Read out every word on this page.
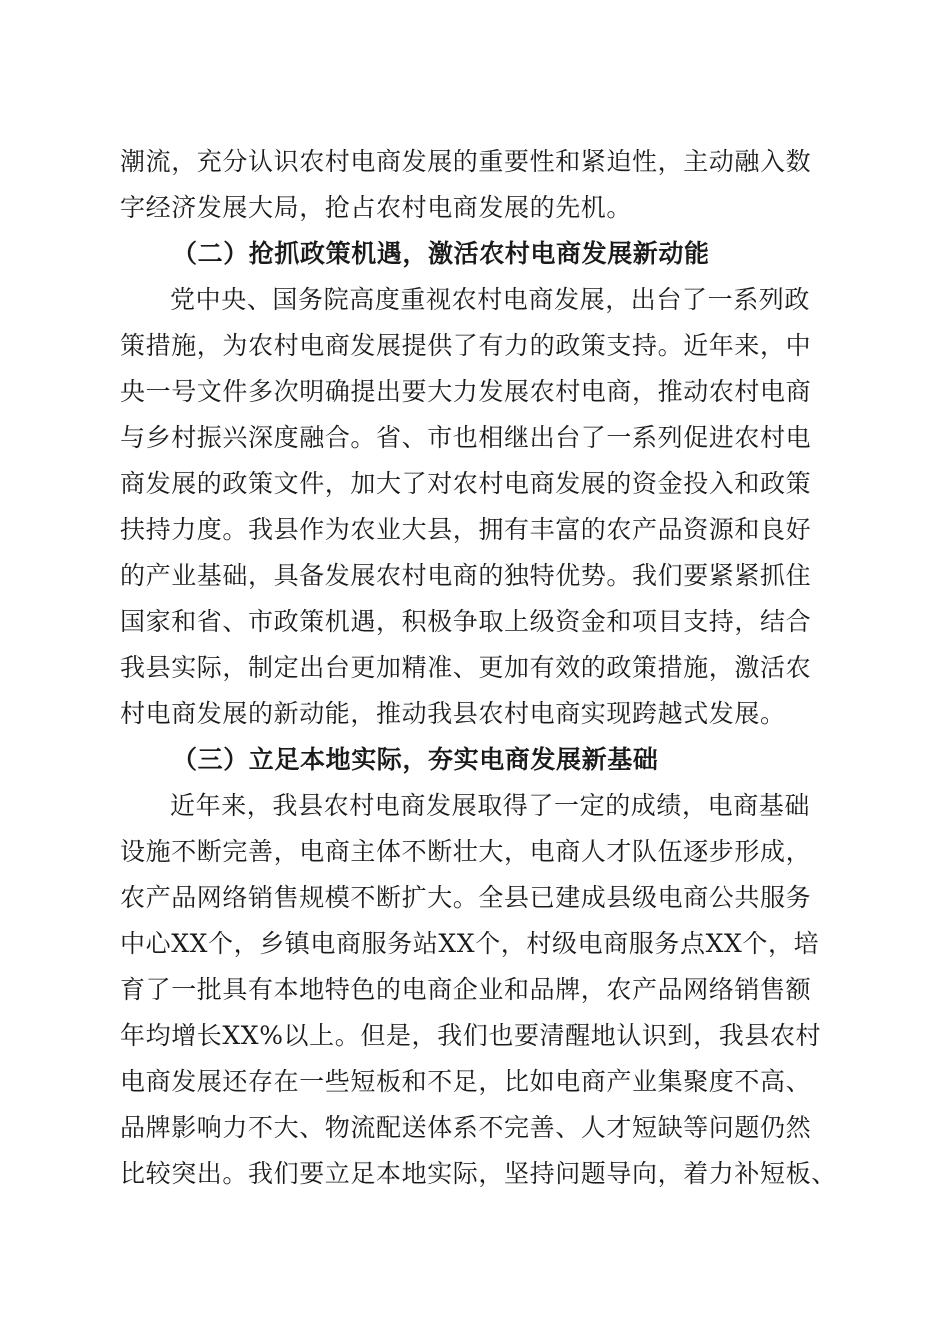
潮流，充分认识农村电商发展的重要性和紧迫性，主动融入数
字经济发展大局，抢占农村电商发展的先机。
（二）抢抓政策机遇，激活农村电商发展新动能
党中央、国务院高度重视农村电商发展，出台了一系列政
策措施，为农村电商发展提供了有力的政策支持。近年来，中
央一号文件多次明确提出要大力发展农村电商，推动农村电商
与乡村振兴深度融合。省、市也相继出台了一系列促进农村电
商发展的政策文件，加大了对农村电商发展的资金投入和政策
扶持力度。我县作为农业大县，拥有丰富的农产品资源和良好
的产业基础，具备发展农村电商的独特优势。我们要紧紧抓住
国家和省、市政策机遇，积极争取上级资金和项目支持，结合
我县实际，制定出台更加精准、更加有效的政策措施，激活农
村电商发展的新动能，推动我县农村电商实现跨越式发展。
（三）立足本地实际，夯实电商发展新基础
近年来，我县农村电商发展取得了一定的成绩，电商基础
设施不断完善，电商主体不断壮大，电商人才队伍逐步形成，
农产品网络销售规模不断扩大。全县已建成县级电商公共服务
中心XX个，乡镇电商服务站XX个，村级电商服务点XX个，培
育了一批具有本地特色的电商企业和品牌，农产品网络销售额
年均增长XX%以上。但是，我们也要清醒地认识到，我县农村
电商发展还存在一些短板和不足，比如电商产业集聚度不高、
品牌影响力不大、物流配送体系不完善、人才短缺等问题仍然
比较突出。我们要立足本地实际，坚持问题导向，着力补短板、
